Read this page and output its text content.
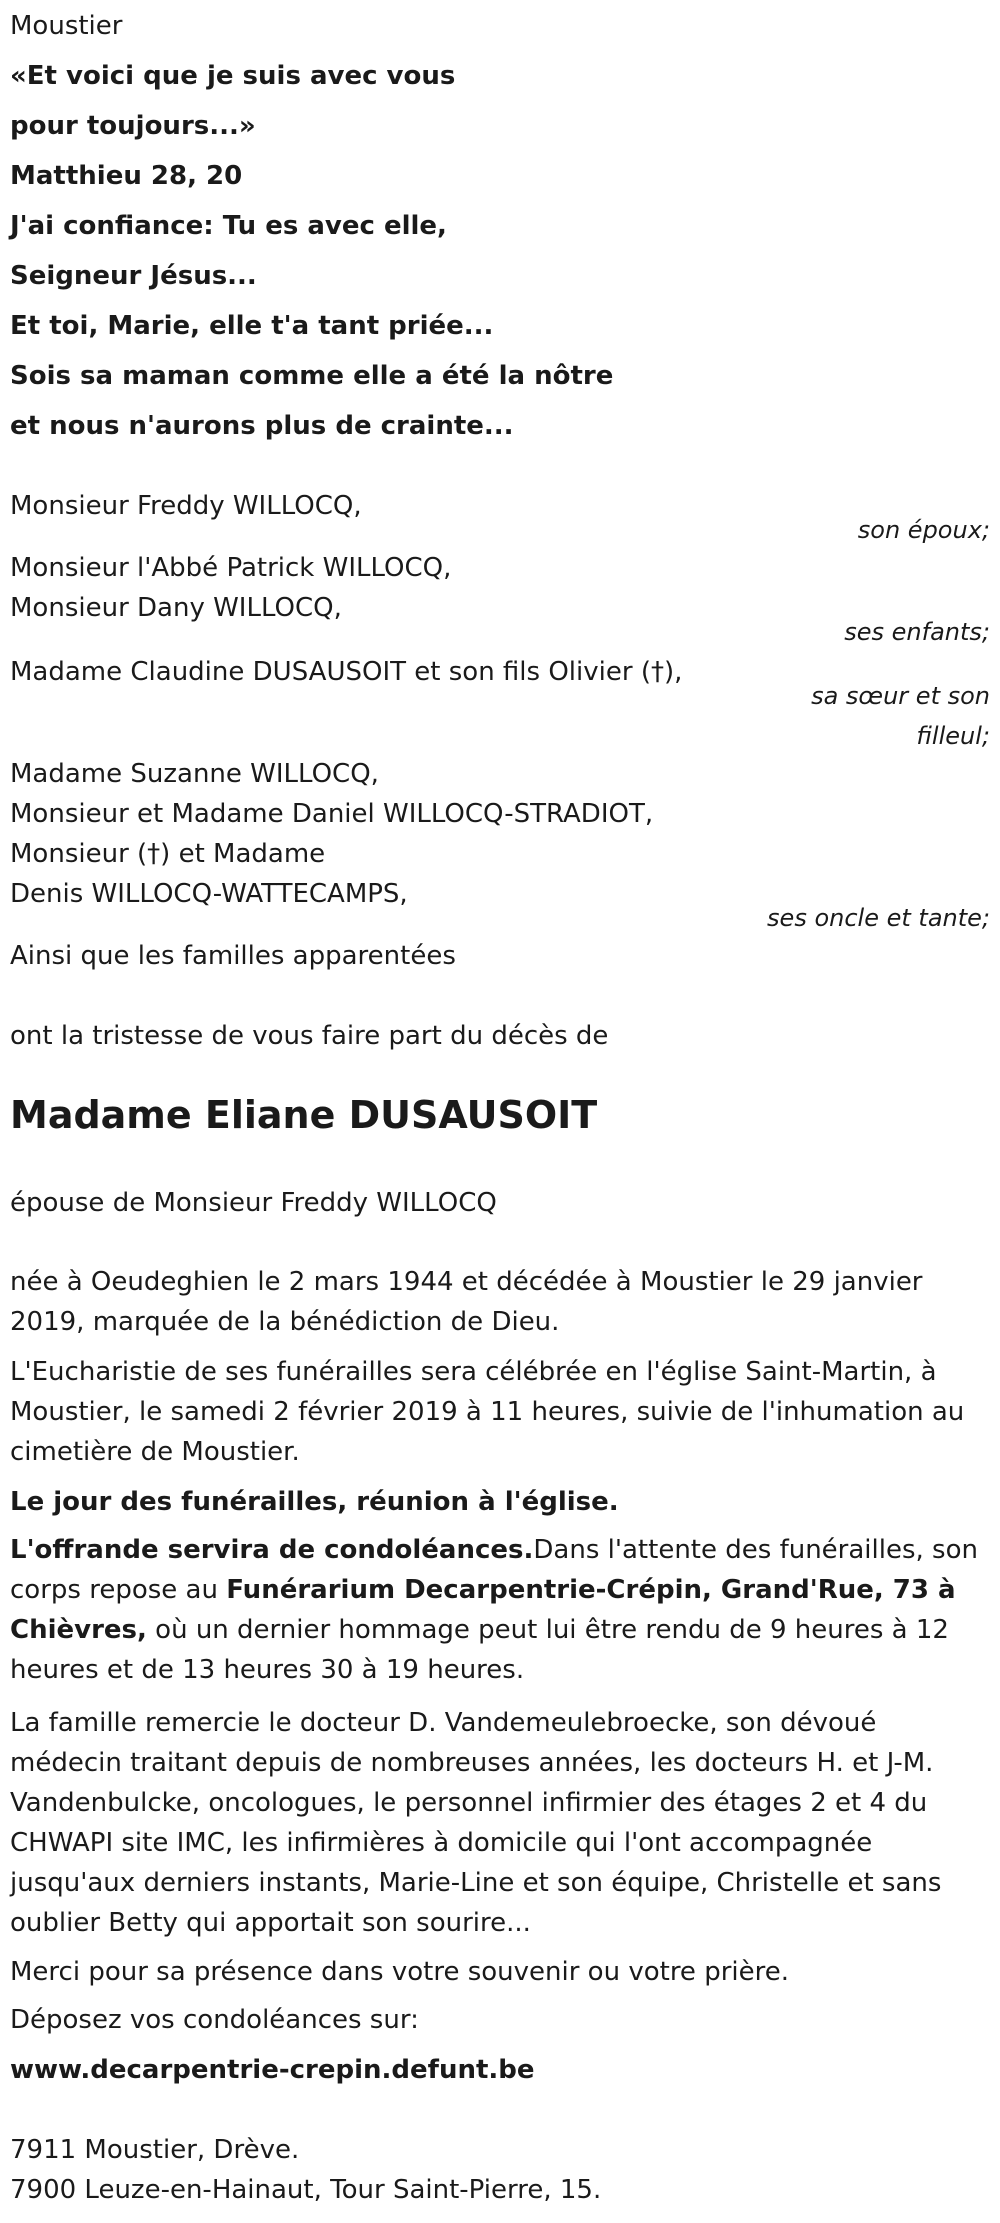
Moustier
«Et voici que je suis avec vous
pour toujours...»
Matthieu 28, 20
J'ai confiance: Tu es avec elle,
Seigneur Jésus...
Et toi, Marie, elle t'a tant priée...
Sois sa maman comme elle a été la nôtre
et nous n'aurons plus de crainte...
Monsieur Freddy WILLOCQ,
son époux;
Monsieur l'Abbé Patrick WILLOCQ,
Monsieur Dany WILLOCQ,
ses enfants;
Madame Claudine DUSAUSOIT et son fils Olivier (†),
sa sœur et son
filleul;
Madame Suzanne WILLOCQ,
Monsieur et Madame Daniel WILLOCQ-STRADIOT,
Monsieur (†) et Madame
Denis WILLOCQ-WATTECAMPS,
ses oncle et tante;
Ainsi que les familles apparentées
ont la tristesse de vous faire part du décès de
Madame Eliane DUSAUSOIT
épouse de Monsieur Freddy WILLOCQ
née à Oeudeghien le 2 mars 1944 et décédée à Moustier le 29 janvier 2019, marquée de la bénédiction de Dieu.
L'Eucharistie de ses funérailles sera célébrée en l'église Saint-Martin, à Moustier, le samedi 2 février 2019 à 11 heures, suivie de l'inhumation au cimetière de Moustier.
Le jour des funérailles, réunion à l'église.
L'offrande servira de condoléances.Dans l'attente des funérailles, son corps repose au Funérarium Decarpentrie-Crépin, Grand'Rue, 73 à Chièvres, où un dernier hommage peut lui être rendu de 9 heures à 12 heures et de 13 heures 30 à 19 heures.
La famille remercie le docteur D. Vandemeulebroecke, son dévoué médecin traitant depuis de nombreuses années, les docteurs H. et J-M. Vandenbulcke, oncologues, le personnel infirmier des étages 2 et 4 du CHWAPI site IMC, les infirmières à domicile qui l'ont accompagnée jusqu'aux derniers instants, Marie-Line et son équipe, Christelle et sans oublier Betty qui apportait son sourire...
Merci pour sa présence dans votre souvenir ou votre prière.
Déposez vos condoléances sur:
www.decarpentrie-crepin.defunt.be
7911 Moustier, Drève.
7900 Leuze-en-Hainaut, Tour Saint-Pierre, 15.
